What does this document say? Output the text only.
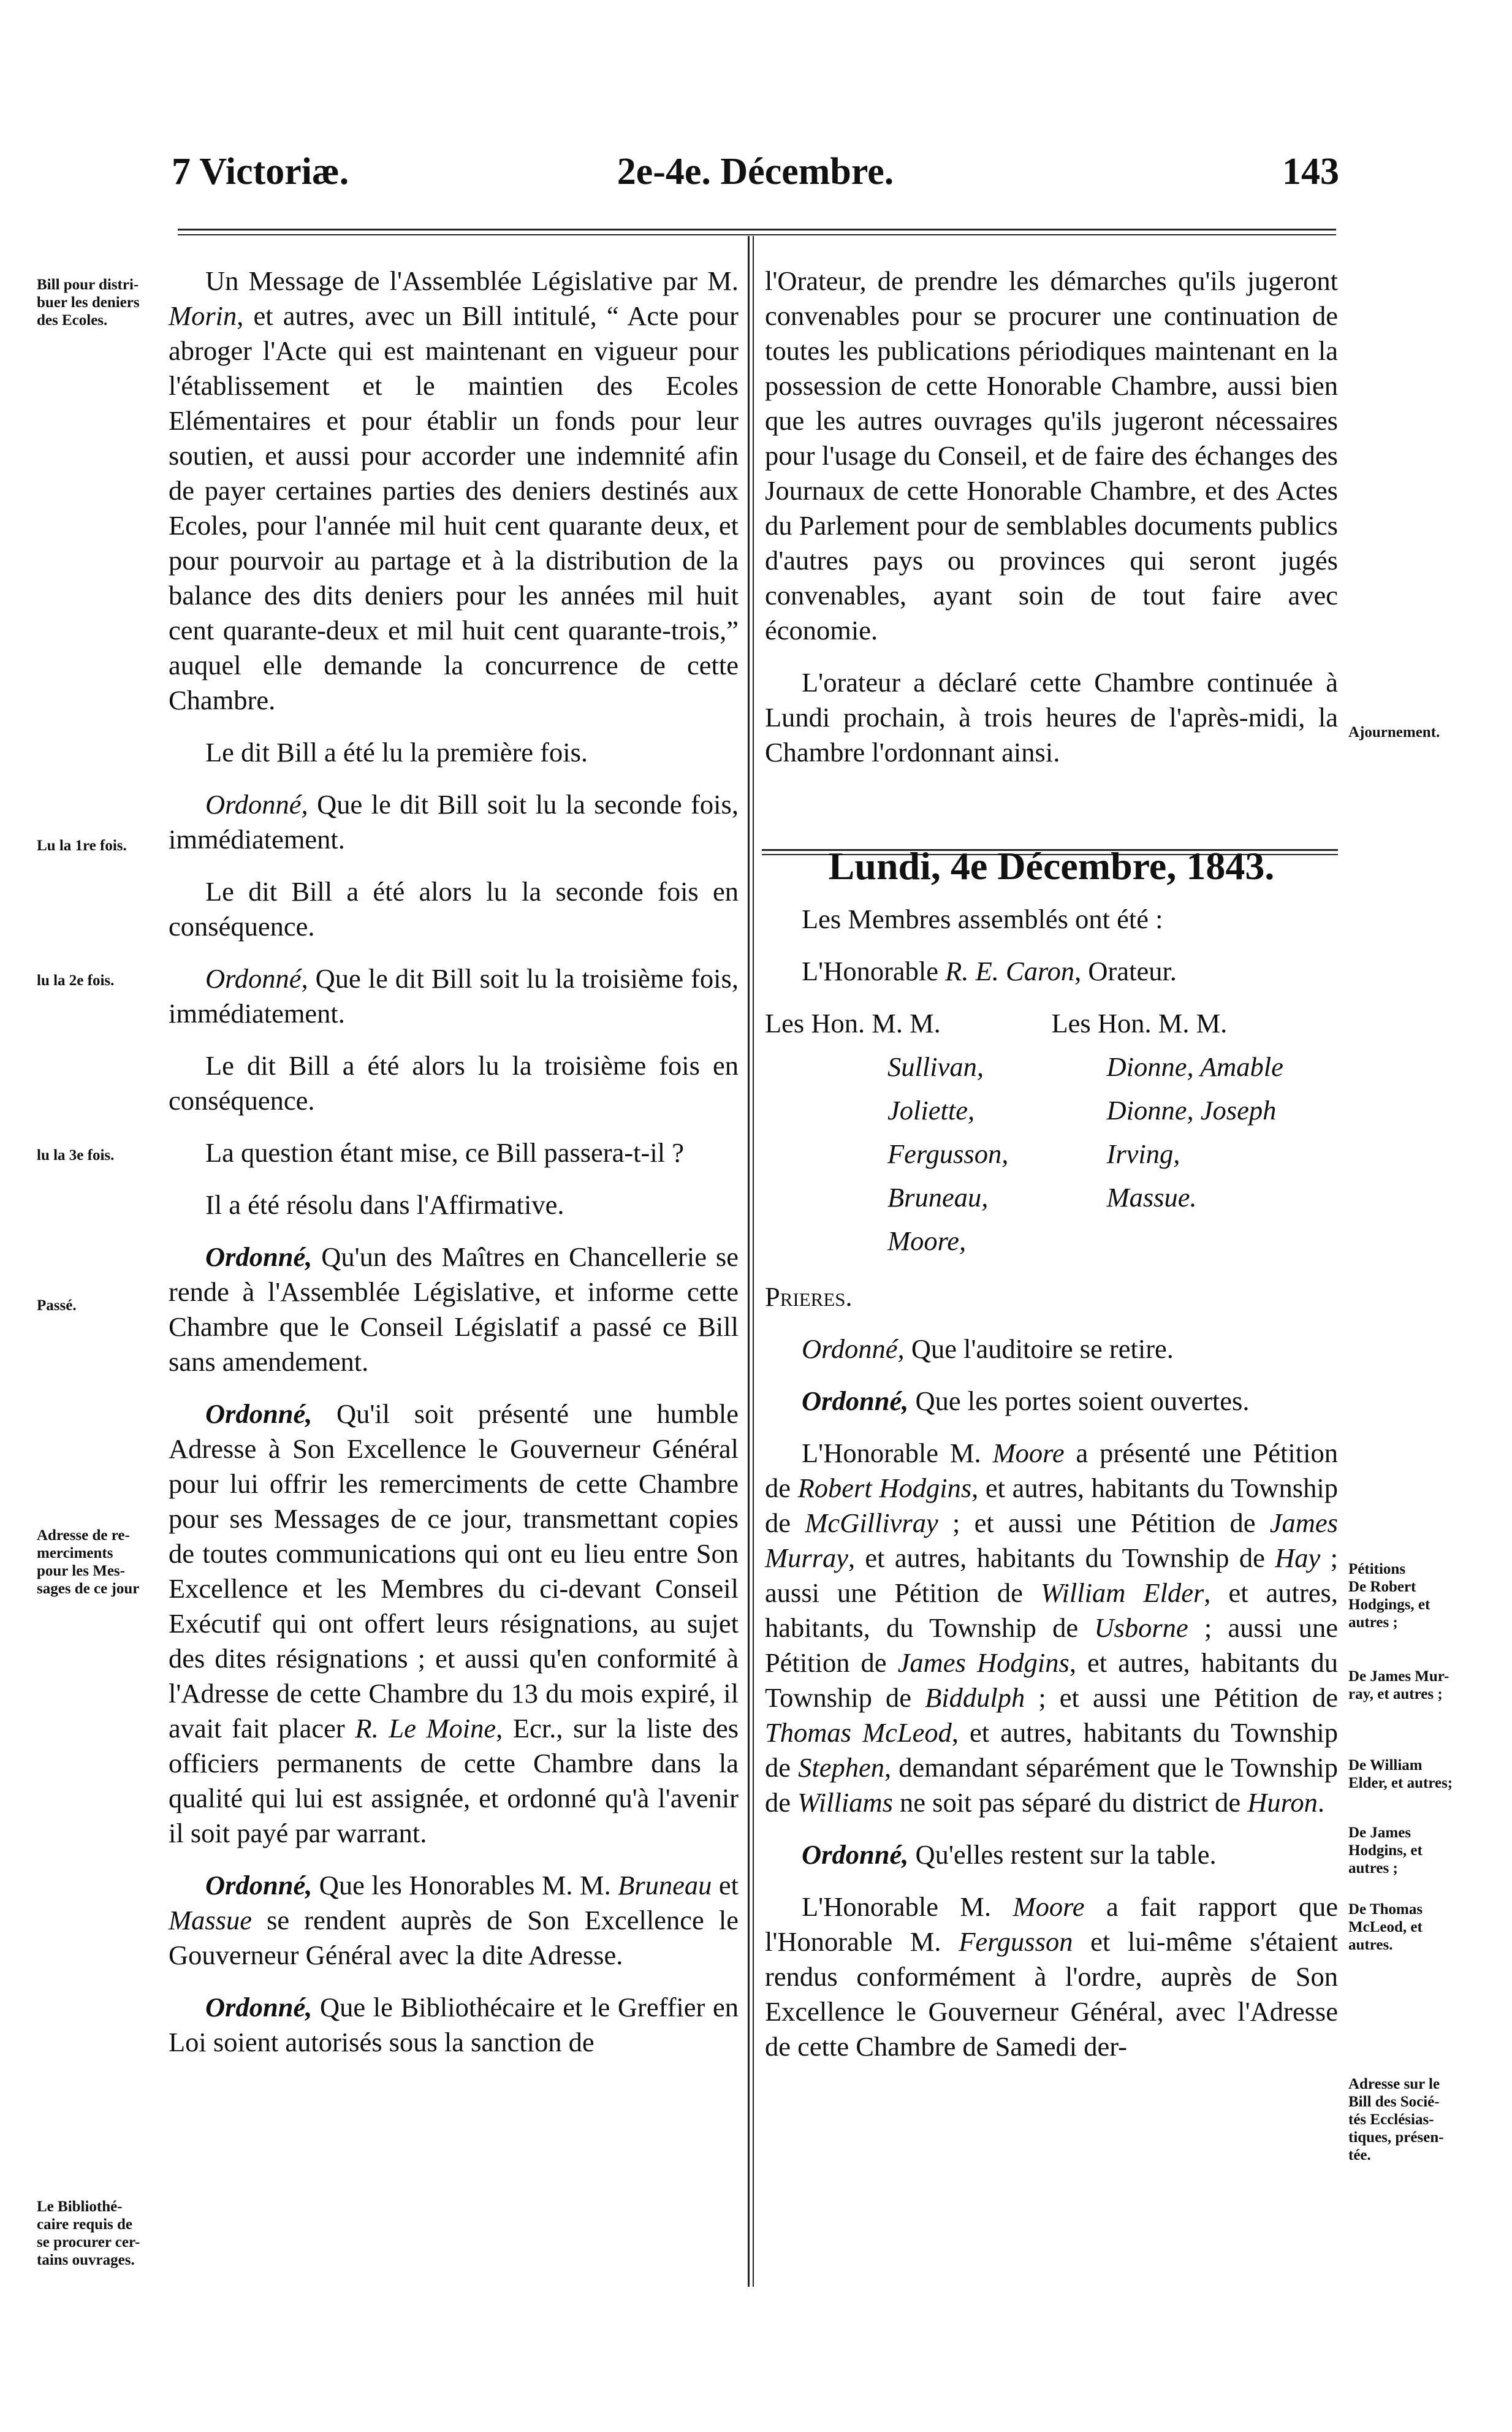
7 Victoriæ.	2e-4e. Décembre.	143

Un Message de l'Assemblée Législative par M. Morin, et autres, avec un Bill intitulé, “ Acte pour abroger l'Acte qui est maintenant en vigueur pour l'établissement et le maintien des Ecoles Elémentaires et pour établir un fonds pour leur soutien, et aussi pour accorder une indemnité afin de payer certaines parties des deniers destinés aux Ecoles, pour l'année mil huit cent quarante deux, et pour pourvoir au partage et à la distribution de la balance des dits deniers pour les années mil huit cent quarante-deux et mil huit cent quarante-trois,” auquel elle demande la concurrence de cette Chambre.

Le dit Bill a été lu la première fois.

Ordonné, Que le dit Bill soit lu la seconde fois, immédiatement.

Le dit Bill a été alors lu la seconde fois en conséquence.

Ordonné, Que le dit Bill soit lu la troisième fois, immédiatement.

Le dit Bill a été alors lu la troisième fois en conséquence.

La question étant mise, ce Bill passera-t-il ?

Il a été résolu dans l'Affirmative.

Ordonné, Qu'un des Maîtres en Chancellerie se rende à l'Assemblée Législative, et informe cette Chambre que le Conseil Législatif a passé ce Bill sans amendement.

Ordonné, Qu'il soit présenté une humble Adresse à Son Excellence le Gouverneur Général pour lui offrir les remerciments de cette Chambre pour ses Messages de ce jour, transmettant copies de toutes communications qui ont eu lieu entre Son Excellence et les Membres du ci-devant Conseil Exécutif qui ont offert leurs résignations, au sujet des dites résignations ; et aussi qu'en conformité à l'Adresse de cette Chambre du 13 du mois expiré, il avait fait placer R. Le Moine, Ecr., sur la liste des officiers permanents de cette Chambre dans la qualité qui lui est assignée, et ordonné qu'à l'avenir il soit payé par warrant.

Ordonné, Que les Honorables M. M. Bruneau et Massue se rendent auprès de Son Excellence le Gouverneur Général avec la dite Adresse.

Ordonné, Que le Bibliothécaire et le Greffier en Loi soient autorisés sous la sanction de

l'Orateur, de prendre les démarches qu'ils jugeront convenables pour se procurer une continuation de toutes les publications périodiques maintenant en la possession de cette Honorable Chambre, aussi bien que les autres ouvrages qu'ils jugeront nécessaires pour l'usage du Conseil, et de faire des échanges des Journaux de cette Honorable Chambre, et des Actes du Parlement pour de semblables documents publics d'autres pays ou provinces qui seront jugés convenables, ayant soin de tout faire avec économie.

L'orateur a déclaré cette Chambre continuée à Lundi prochain, à trois heures de l'après-midi, la Chambre l'ordonnant ainsi.

Lundi, 4e Décembre, 1843.

Les Membres assemblés ont été :

L'Honorable R. E. Caron, Orateur.

Les Hon. M. M.

Sullivan,

Joliette,

Fergusson,

Bruneau,

Moore,

Les Hon. M. M.

Dionne, Amable

Dionne, Joseph

Irving,

Massue.

Prieres.

Ordonné, Que l'auditoire se retire.

Ordonné, Que les portes soient ouvertes.

L'Honorable M. Moore a présenté une Pétition de Robert Hodgins, et autres, habitants du Township de McGillivray ; et aussi une Pétition de James Murray, et autres, habitants du Township de Hay ; aussi une Pétition de William Elder, et autres, habitants, du Township de Usborne ; aussi une Pétition de James Hodgins, et autres, habitants du Township de Biddulph ; et aussi une Pétition de Thomas McLeod, et autres, habitants du Township de Stephen, demandant séparément que le Township de Williams ne soit pas séparé du district de Huron.

Ordonné, Qu'elles restent sur la table.

L'Honorable M. Moore a fait rapport que l'Honorable M. Fergusson et lui-même s'étaient rendus conformément à l'ordre, auprès de Son Excellence le Gouverneur Général, avec l'Adresse de cette Chambre de Samedi der-

Bill pour distri-
buer les deniers
des Ecoles.
Lu la 1re fois.
lu la 2e fois.
lu la 3e fois.
Passé.
Adresse de re-
merciments
pour les Mes-
sages de ce jour
Le Bibliothé-
caire requis de
se procurer cer-
tains ouvrages.
Ajournement.
Pétitions
De Robert
Hodgings, et
autres ;
De James Mur-
ray, et autres ;
De William
Elder, et autres;
De James
Hodgins, et
autres ;
De Thomas
McLeod, et
autres.
Adresse sur le
Bill des Socié-
tés Ecclésias-
tiques, présen-
tée.
